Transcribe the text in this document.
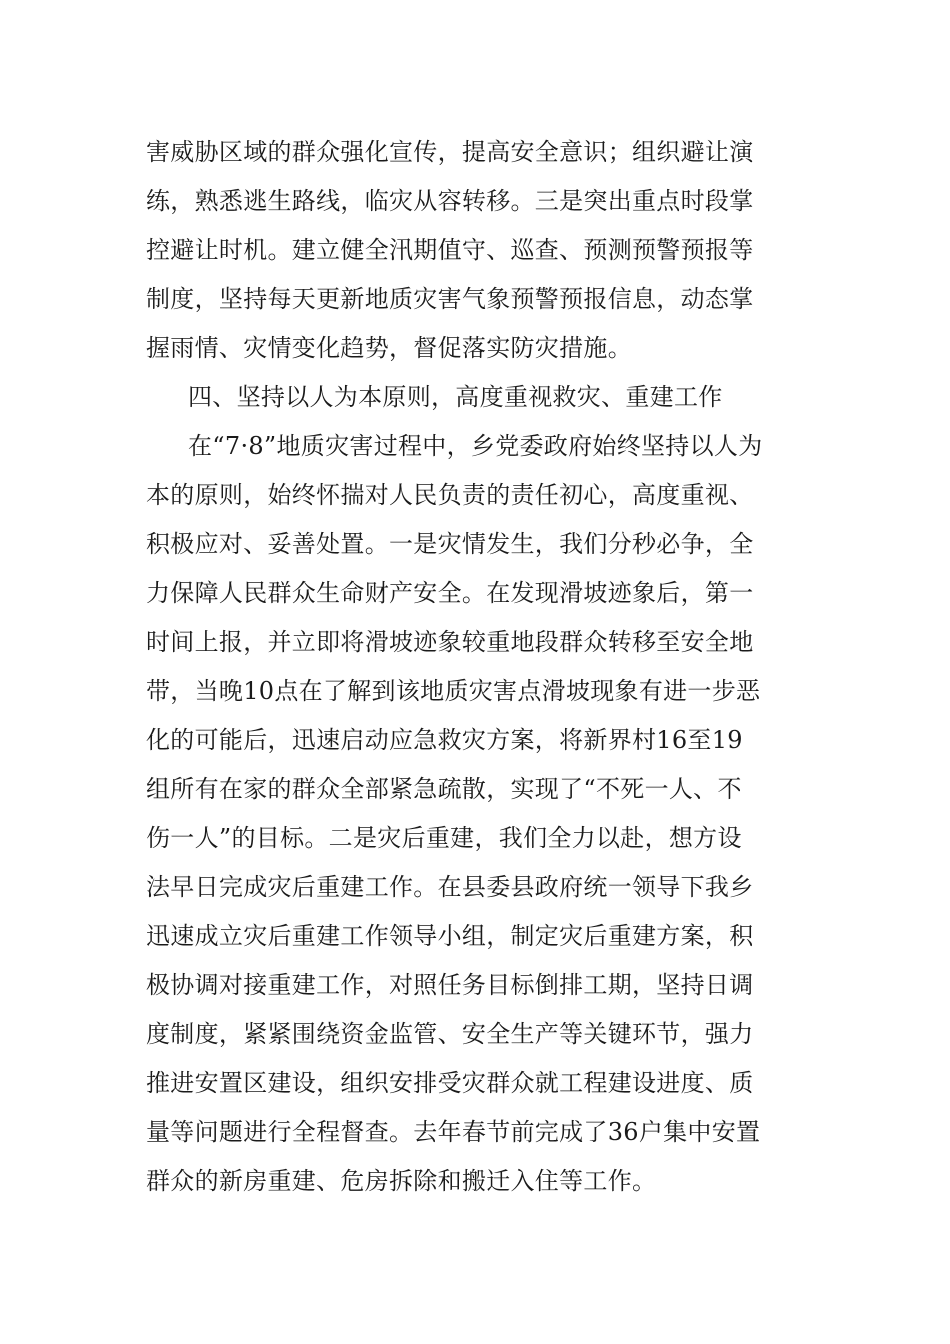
害威胁区域的群众强化宣传，提高安全意识；组织避让演
练，熟悉逃生路线，临灾从容转移。三是突出重点时段掌
控避让时机。建立健全汛期值守、巡查、预测预警预报等
制度，坚持每天更新地质灾害气象预警预报信息，动态掌
握雨情、灾情变化趋势，督促落实防灾措施。
四、坚持以人为本原则，高度重视救灾、重建工作
在“7·8”地质灾害过程中，乡党委政府始终坚持以人为
本的原则，始终怀揣对人民负责的责任初心，高度重视、
积极应对、妥善处置。一是灾情发生，我们分秒必争，全
力保障人民群众生命财产安全。在发现滑坡迹象后，第一
时间上报，并立即将滑坡迹象较重地段群众转移至安全地
带，当晚10点在了解到该地质灾害点滑坡现象有进一步恶
化的可能后，迅速启动应急救灾方案，将新界村16至19
组所有在家的群众全部紧急疏散，实现了“不死一人、不
伤一人”的目标。二是灾后重建，我们全力以赴，想方设
法早日完成灾后重建工作。在县委县政府统一领导下我乡
迅速成立灾后重建工作领导小组，制定灾后重建方案，积
极协调对接重建工作，对照任务目标倒排工期，坚持日调
度制度，紧紧围绕资金监管、安全生产等关键环节，强力
推进安置区建设，组织安排受灾群众就工程建设进度、质
量等问题进行全程督查。去年春节前完成了36户集中安置
群众的新房重建、危房拆除和搬迁入住等工作。
